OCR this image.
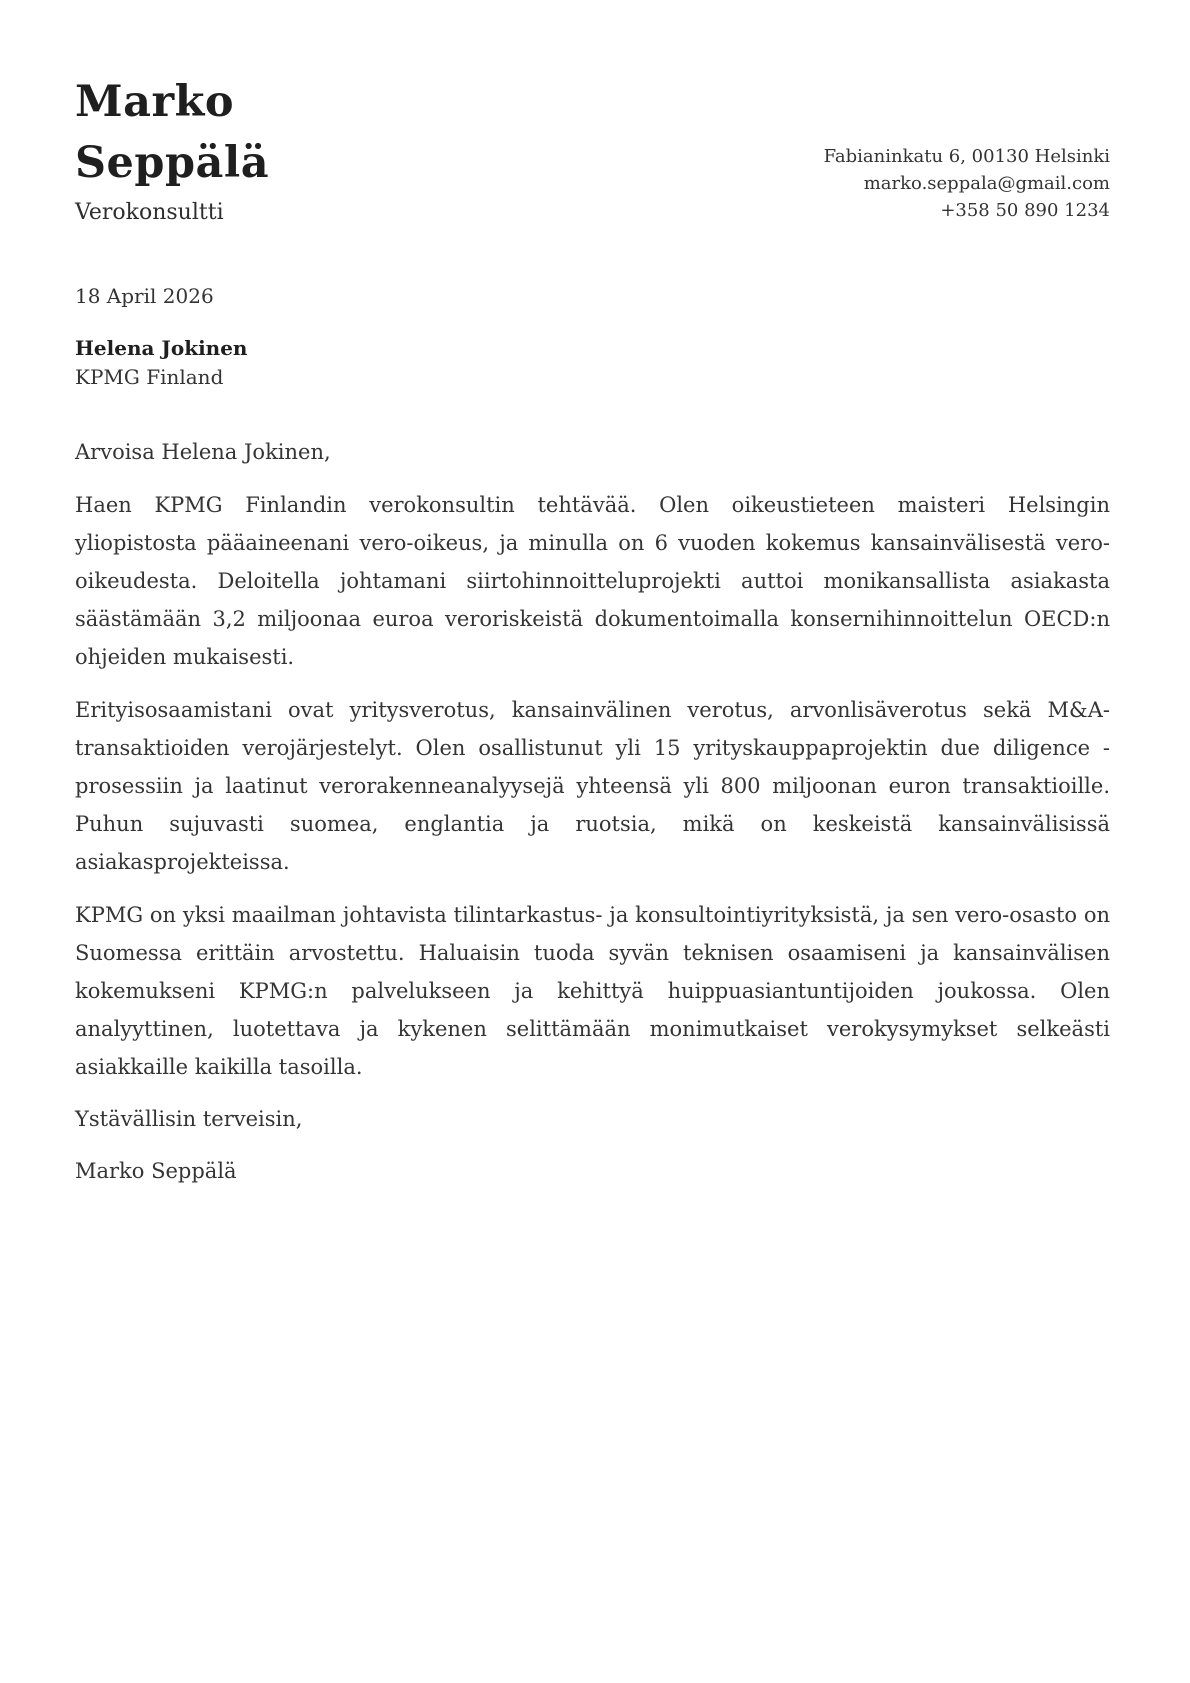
Marko
Seppälä

Verokonsultti

Fabianinkatu 6, 00130 Helsinki
marko.seppala@gmail.com
+358 50 890 1234

18 April 2026

Helena Jokinen
KPMG Finland

Arvoisa Helena Jokinen,

Haen KPMG Finlandin verokonsultin tehtävää. Olen oikeustieteen maisteri Helsingin yliopistosta pääaineenani vero-oikeus, ja minulla on 6 vuoden kokemus kansainvälisestä vero-oikeudesta. Deloitella johtamani siirtohinnoitteluprojekti auttoi monikansallista asiakasta säästämään 3,2 miljoonaa euroa veroriskeistä dokumentoimalla konsernihinnoittelun OECD:n ohjeiden mukaisesti.

Erityisosaamistani ovat yritysverotus, kansainvälinen verotus, arvonlisäverotus sekä M&A-transaktioiden verojärjestelyt. Olen osallistunut yli 15 yrityskauppaprojektin due diligence -prosessiin ja laatinut verorakenneanalyysejä yhteensä yli 800 miljoonan euron transaktioille. Puhun sujuvasti suomea, englantia ja ruotsia, mikä on keskeistä kansainvälisissä asiakasprojekteissa.

KPMG on yksi maailman johtavista tilintarkastus- ja konsultointiyrityksistä, ja sen vero-osasto on Suomessa erittäin arvostettu. Haluaisin tuoda syvän teknisen osaamiseni ja kansainvälisen kokemukseni KPMG:n palvelukseen ja kehittyä huippuasiantuntijoiden joukossa. Olen analyyttinen, luotettava ja kykenen selittämään monimutkaiset verokysymykset selkeästi asiakkaille kaikilla tasoilla.

Ystävällisin terveisin,

Marko Seppälä
